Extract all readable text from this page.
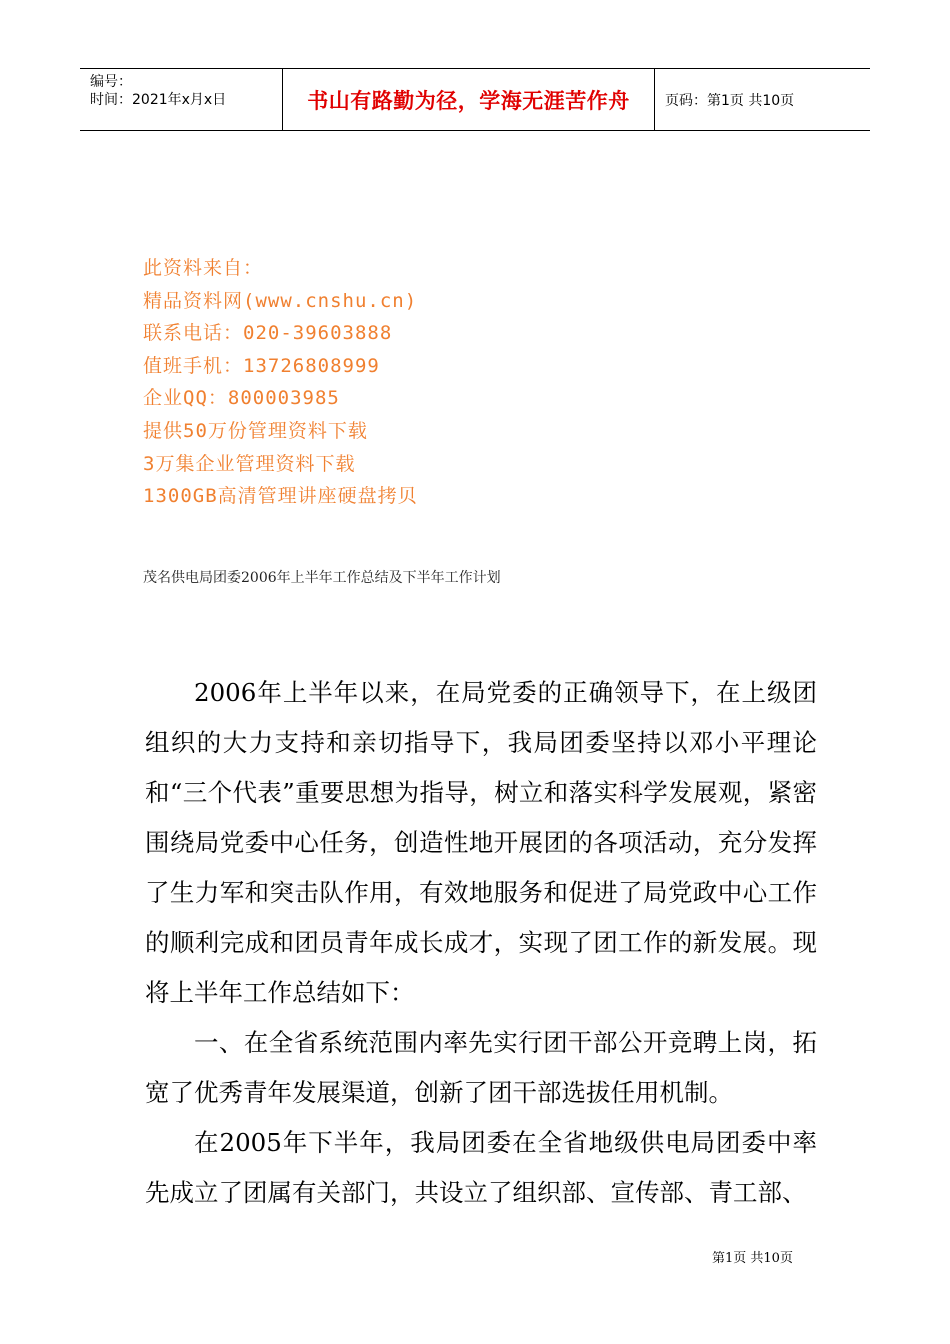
编号：
时间：2021年x月x日	书山有路勤为径，学海无涯苦作舟	页码：第1页 共10页
此资料来自：
精品资料网(www.cnshu.cn)
联系电话：020-39603888
值班手机：13726808999
企业QQ：800003985
提供50万份管理资料下载
3万集企业管理资料下载
1300GB高清管理讲座硬盘拷贝
茂名供电局团委2006年上半年工作总结及下半年工作计划

2006年上半年以来，在局党委的正确领导下，在上级团组织的大力支持和亲切指导下，我局团委坚持以邓小平理论和“三个代表”重要思想为指导，树立和落实科学发展观，紧密围绕局党委中心任务，创造性地开展团的各项活动，充分发挥了生力军和突击队作用，有效地服务和促进了局党政中心工作的顺利完成和团员青年成长成才，实现了团工作的新发展。现将上半年工作总结如下：

一、在全省系统范围内率先实行团干部公开竞聘上岗，拓宽了优秀青年发展渠道，创新了团干部选拔任用机制。

在2005年下半年，我局团委在全省地级供电局团委中率先成立了团属有关部门，共设立了组织部、宣传部、青工部、

第1页 共10页
